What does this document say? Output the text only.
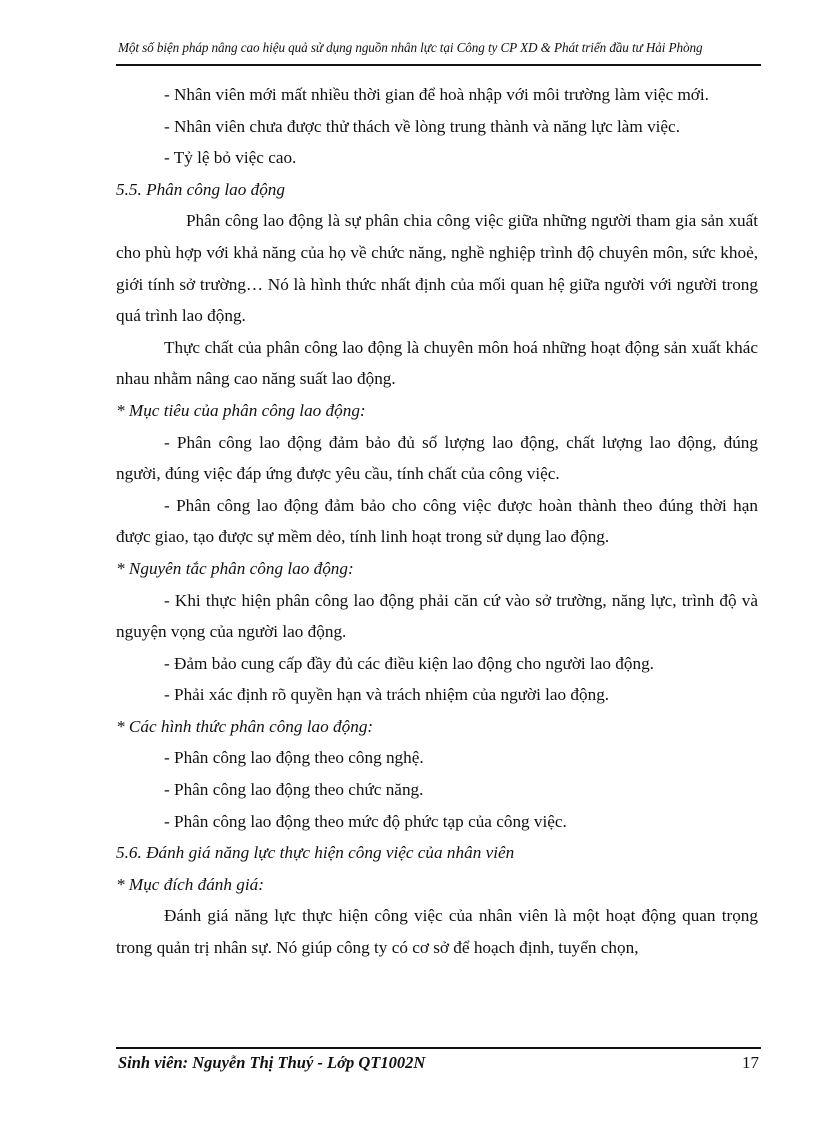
Một số biện pháp nâng cao hiệu quả sử dụng nguồn nhân lực tại Công ty CP XD & Phát triển đầu tư Hải Phòng

- Nhân viên mới mất nhiều thời gian để hoà nhập với môi trường làm việc mới.

- Nhân viên chưa được thử thách về lòng trung thành và năng lực làm việc.

- Tỷ lệ bỏ việc cao.

5.5. Phân công lao động

Phân công lao động là sự phân chia công việc giữa những người tham gia sản xuất cho phù hợp với khả năng của họ về chức năng, nghề nghiệp trình độ chuyên môn, sức khoẻ, giới tính sở trường… Nó là hình thức nhất định của mối quan hệ giữa người với người trong quá trình lao động.

Thực chất của phân công lao động là chuyên môn hoá những hoạt động sản xuất khác nhau nhằm nâng cao năng suất lao động.

* Mục tiêu của phân công lao động:

- Phân công lao động đảm bảo đủ số lượng lao động, chất lượng lao động, đúng người, đúng việc đáp ứng được yêu cầu, tính chất của công việc.

- Phân công lao động đảm bảo cho công việc được hoàn thành theo đúng thời hạn được giao, tạo được sự mềm dẻo, tính linh hoạt trong sử dụng lao động.

* Nguyên tắc phân công lao động:

- Khi thực hiện phân công lao động phải căn cứ vào sở trường, năng lực, trình độ và nguyện vọng của người lao động.

- Đảm bảo cung cấp đầy đủ các điều kiện lao động cho người lao động.

- Phải xác định rõ quyền hạn và trách nhiệm của người lao động.

* Các hình thức phân công lao động:

- Phân công lao động theo công nghệ.

- Phân công lao động theo chức năng.

- Phân công lao động theo mức độ phức tạp của công việc.

5.6. Đánh giá năng lực thực hiện công việc của nhân viên

* Mục đích đánh giá:

Đánh giá năng lực thực hiện công việc của nhân viên là một hoạt động quan trọng trong quản trị nhân sự. Nó giúp công ty có cơ sở để hoạch định, tuyển chọn,

Sinh viên: Nguyễn Thị Thuý - Lớp QT1002N	17
